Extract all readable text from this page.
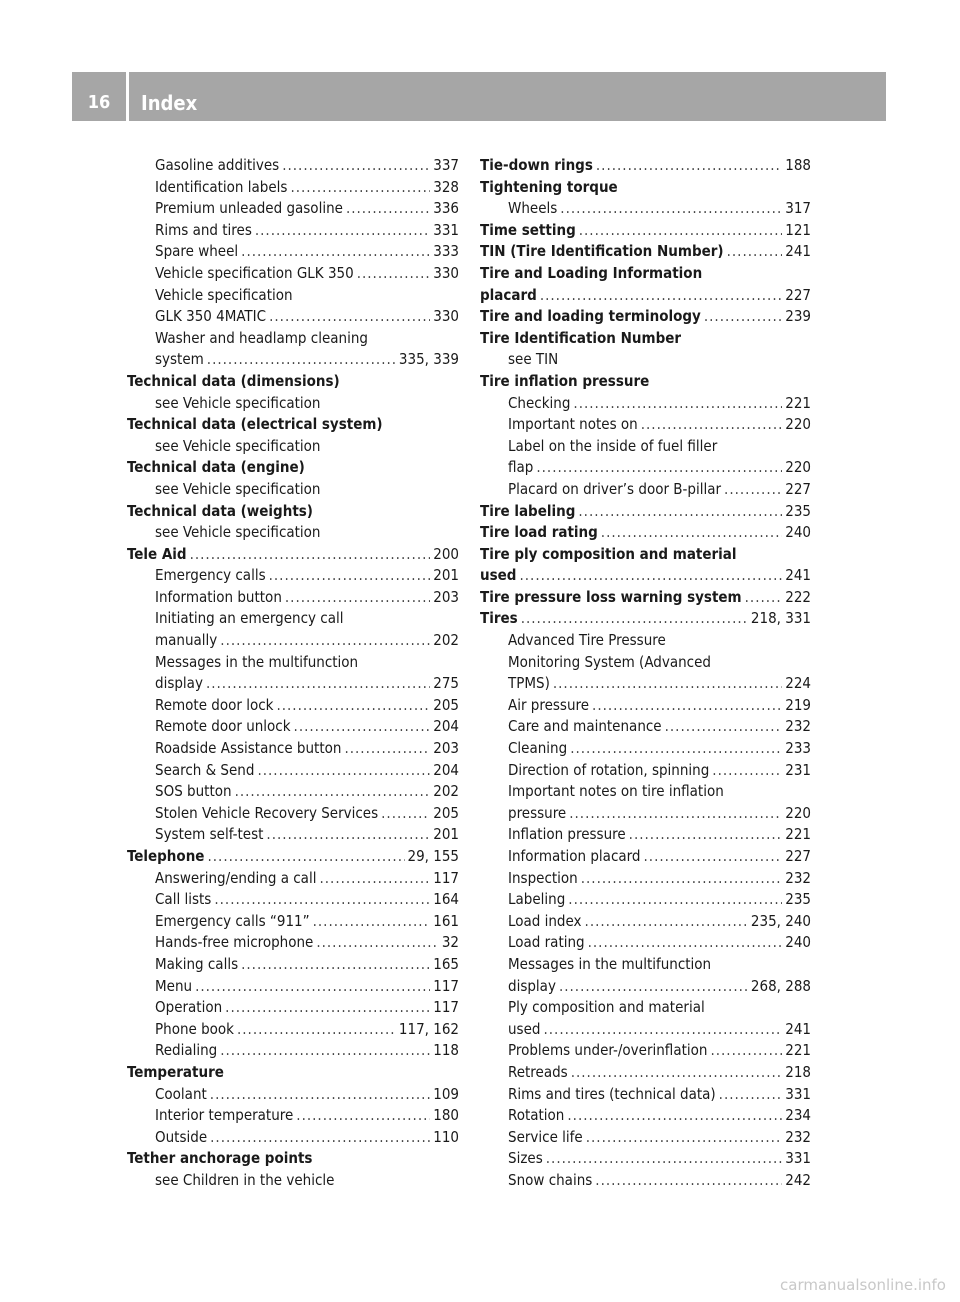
16	Index
Gasoline additives .....	337
Identification labels .....	328
Premium unleaded gasoline .....	336
Rims and tires .....	331
Spare wheel .....	333
Vehicle specification GLK 350 .....	330
Vehicle specification
GLK 350 4MATIC .....	330
Washer and headlamp cleaning
system .....	335, 339
Technical data (dimensions)
see Vehicle specification
Technical data (electrical system)
see Vehicle specification
Technical data (engine)
see Vehicle specification
Technical data (weights)
see Vehicle specification
Tele Aid .....	200
Emergency calls .....	201
Information button .....	203
Initiating an emergency call
manually .....	202
Messages in the multifunction
display .....	275
Remote door lock .....	205
Remote door unlock .....	204
Roadside Assistance button .....	203
Search & Send .....	204
SOS button .....	202
Stolen Vehicle Recovery Services .....	205
System self-test .....	201
Telephone .....	29, 155
Answering/ending a call .....	117
Call lists .....	164
Emergency calls “911” .....	161
Hands-free microphone .....	32
Making calls .....	165
Menu .....	117
Operation .....	117
Phone book .....	117, 162
Redialing .....	118
Temperature
Coolant .....	109
Interior temperature .....	180
Outside .....	110
Tether anchorage points
see Children in the vehicle
Tie-down rings .....	188
Tightening torque
Wheels .....	317
Time setting .....	121
TIN (Tire Identification Number) .....	241
Tire and Loading Information
placard .....	227
Tire and loading terminology .....	239
Tire Identification Number
see TIN
Tire inflation pressure
Checking .....	221
Important notes on .....	220
Label on the inside of fuel filler
flap .....	220
Placard on driver’s door B-pillar .....	227
Tire labeling .....	235
Tire load rating .....	240
Tire ply composition and material
used .....	241
Tire pressure loss warning system .....	222
Tires .....	218, 331
Advanced Tire Pressure
Monitoring System (Advanced
TPMS) .....	224
Air pressure .....	219
Care and maintenance .....	232
Cleaning .....	233
Direction of rotation, spinning .....	231
Important notes on tire inflation
pressure .....	220
Inflation pressure .....	221
Information placard .....	227
Inspection .....	232
Labeling .....	235
Load index .....	235, 240
Load rating .....	240
Messages in the multifunction
display .....	268, 288
Ply composition and material
used .....	241
Problems under-/overinflation .....	221
Retreads .....	218
Rims and tires (technical data) .....	331
Rotation .....	234
Service life .....	232
Sizes .....	331
Snow chains .....	242
carmanualsonline.info
